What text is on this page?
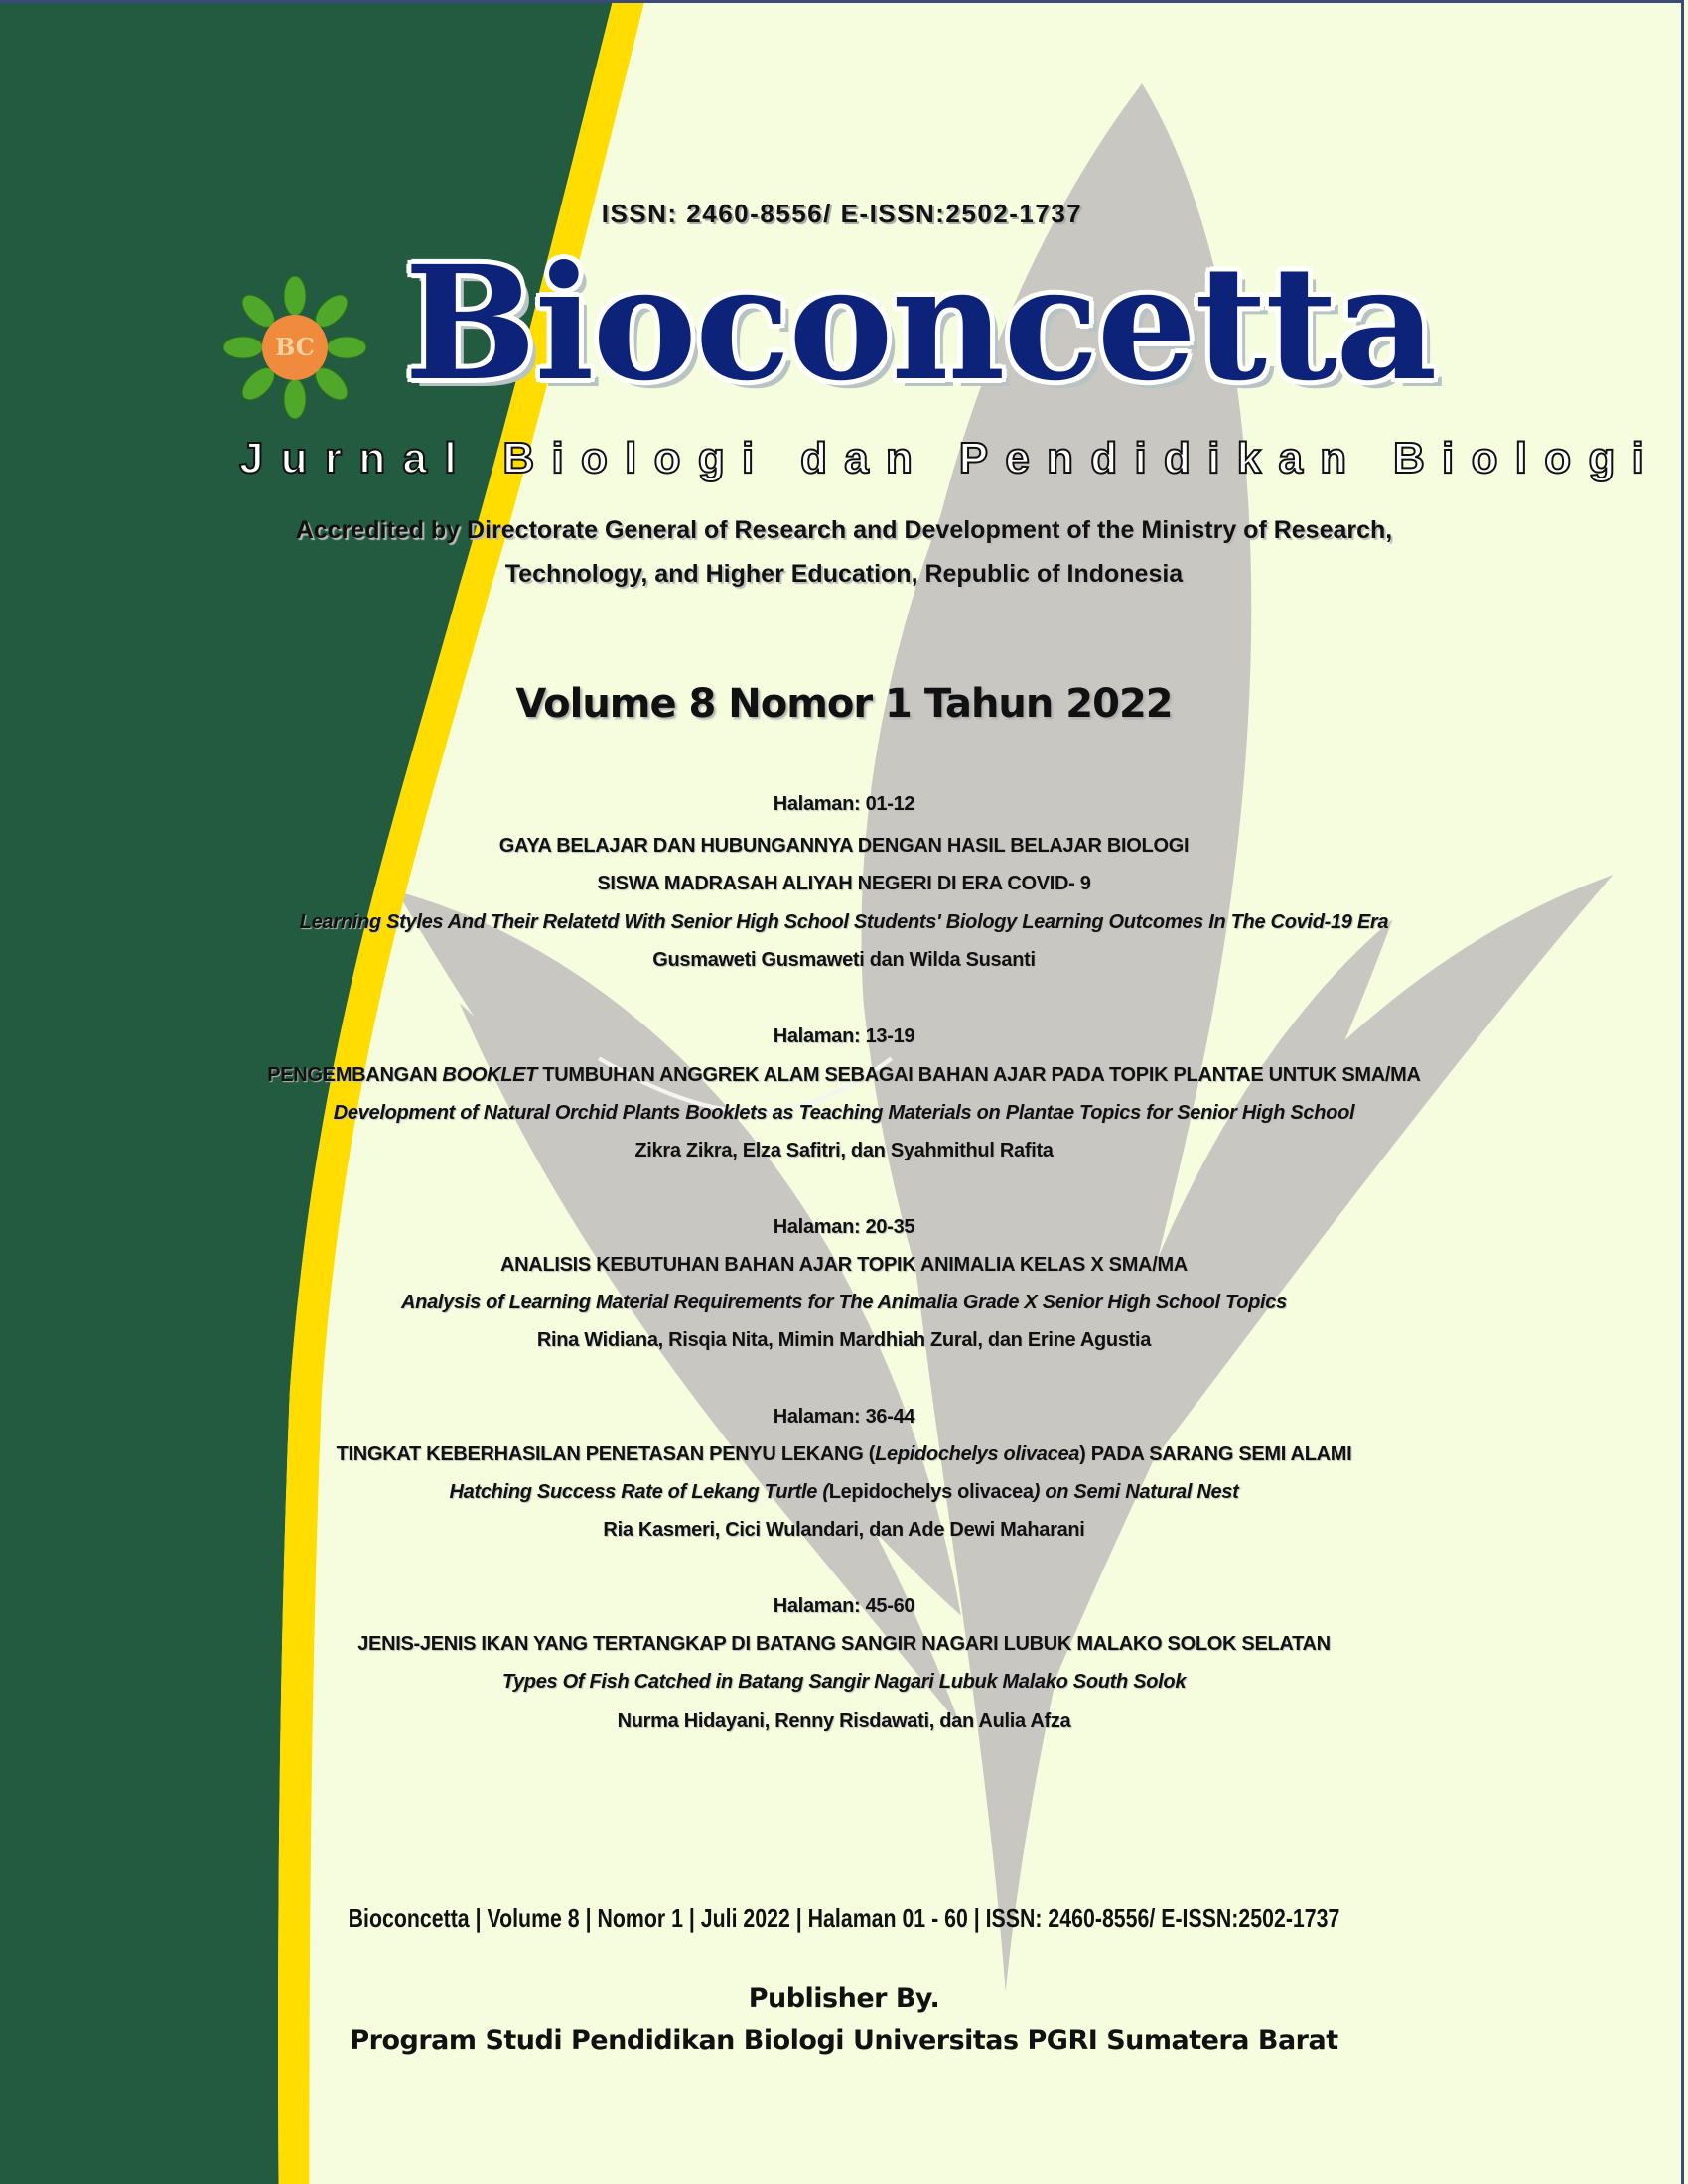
ISSN: 2460-8556/ E-ISSN:2502-1737
BC Bioconcetta
Jurnal Biologi dan Pendidikan Biologi
Accredited by Directorate General of Research and Development of the Ministry of Research,
Technology, and Higher Education, Republic of Indonesia
Volume 8 Nomor 1 Tahun 2022
Halaman: 01-12
GAYA BELAJAR DAN HUBUNGANNYA DENGAN HASIL BELAJAR BIOLOGI
SISWA MADRASAH ALIYAH NEGERI DI ERA COVID- 9
Learning Styles And Their Relatetd With Senior High School Students' Biology Learning Outcomes In The Covid-19 Era
Gusmaweti Gusmaweti dan Wilda Susanti
Halaman: 13-19
PENGEMBANGAN BOOKLET TUMBUHAN ANGGREK ALAM SEBAGAI BAHAN AJAR PADA TOPIK PLANTAE UNTUK SMA/MA
Development of Natural Orchid Plants Booklets as Teaching Materials on Plantae Topics for Senior High School
Zikra Zikra, Elza Safitri, dan Syahmithul Rafita
Halaman: 20-35
ANALISIS KEBUTUHAN BAHAN AJAR TOPIK ANIMALIA KELAS X SMA/MA
Analysis of Learning Material Requirements for The Animalia Grade X Senior High School Topics
Rina Widiana, Risqia Nita, Mimin Mardhiah Zural, dan Erine Agustia
Halaman: 36-44
TINGKAT KEBERHASILAN PENETASAN PENYU LEKANG (Lepidochelys olivacea) PADA SARANG SEMI ALAMI
Hatching Success Rate of Lekang Turtle (Lepidochelys olivacea) on Semi Natural Nest
Ria Kasmeri, Cici Wulandari, dan Ade Dewi Maharani
Halaman: 45-60
JENIS-JENIS IKAN YANG TERTANGKAP DI BATANG SANGIR NAGARI LUBUK MALAKO SOLOK SELATAN
Types Of Fish Catched in Batang Sangir Nagari Lubuk Malako South Solok
Nurma Hidayani, Renny Risdawati, dan Aulia Afza
Bioconcetta | Volume 8 | Nomor 1 | Juli 2022 | Halaman 01 - 60 | ISSN: 2460-8556/ E-ISSN:2502-1737
Publisher By.
Program Studi Pendidikan Biologi Universitas PGRI Sumatera Barat
